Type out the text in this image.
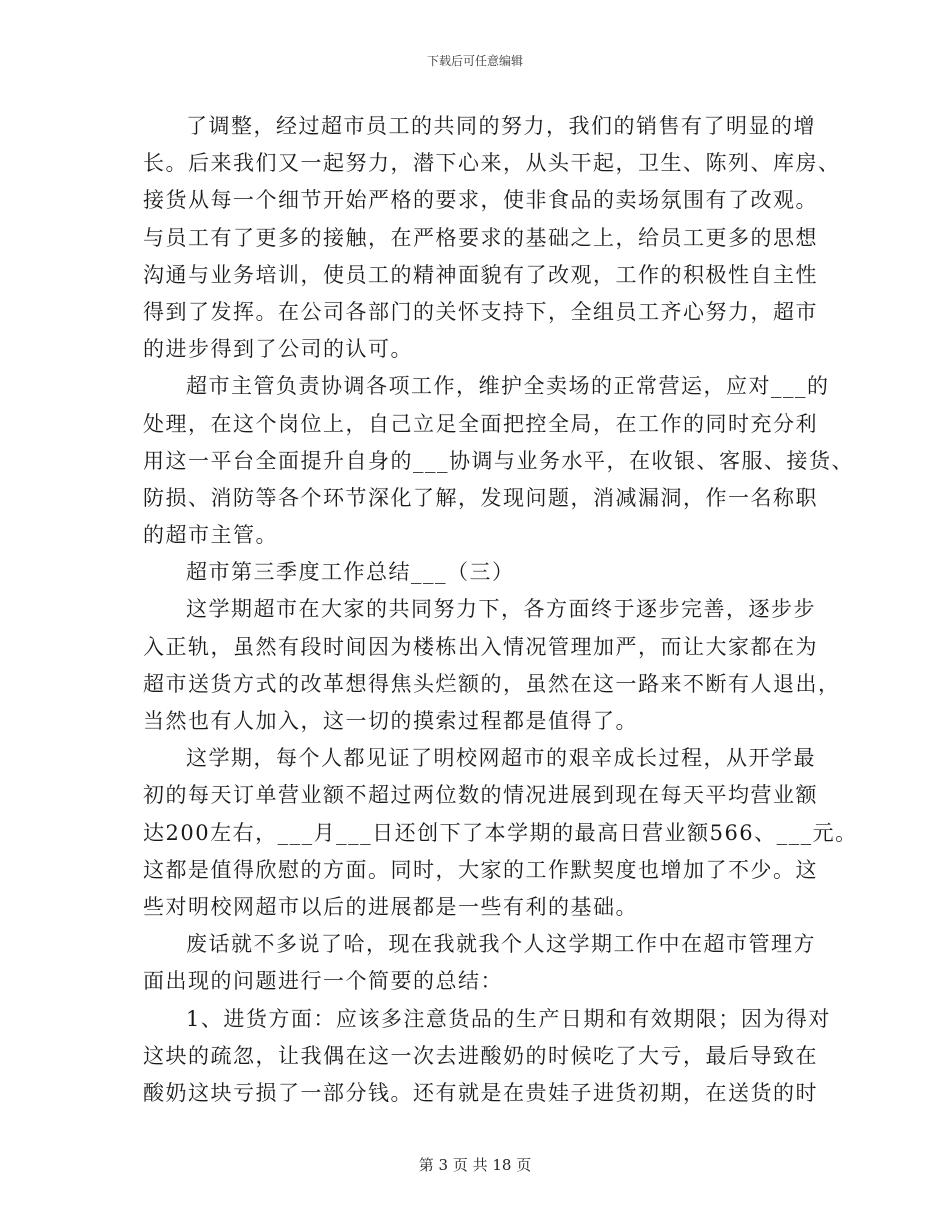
下载后可任意编辑
了调整，经过超市员工的共同的努力，我们的销售有了明显的增
长。后来我们又一起努力，潜下心来，从头干起，卫生、陈列、库房、
接货从每一个细节开始严格的要求，使非食品的卖场氛围有了改观。
与员工有了更多的接触，在严格要求的基础之上，给员工更多的思想
沟通与业务培训，使员工的精神面貌有了改观，工作的积极性自主性
得到了发挥。在公司各部门的关怀支持下，全组员工齐心努力，超市
的进步得到了公司的认可。
超市主管负责协调各项工作，维护全卖场的正常营运，应对___的
处理，在这个岗位上，自己立足全面把控全局，在工作的同时充分利
用这一平台全面提升自身的___协调与业务水平，在收银、客服、接货、
防损、消防等各个环节深化了解，发现问题，消减漏洞，作一名称职
的超市主管。
超市第三季度工作总结___（三）
这学期超市在大家的共同努力下，各方面终于逐步完善，逐步步
入正轨，虽然有段时间因为楼栋出入情况管理加严，而让大家都在为
超市送货方式的改革想得焦头烂额的，虽然在这一路来不断有人退出，
当然也有人加入，这一切的摸索过程都是值得了。
这学期，每个人都见证了明校网超市的艰辛成长过程，从开学最
初的每天订单营业额不超过两位数的情况进展到现在每天平均营业额
达200左右，___月___日还创下了本学期的最高日营业额566、___元。
这都是值得欣慰的方面。同时，大家的工作默契度也增加了不少。这
些对明校网超市以后的进展都是一些有利的基础。
废话就不多说了哈，现在我就我个人这学期工作中在超市管理方
面出现的问题进行一个简要的总结：
1、进货方面：应该多注意货品的生产日期和有效期限；因为得对
这块的疏忽，让我偶在这一次去进酸奶的时候吃了大亏，最后导致在
酸奶这块亏损了一部分钱。还有就是在贵娃子进货初期，在送货的时
第 3 页 共 18 页
